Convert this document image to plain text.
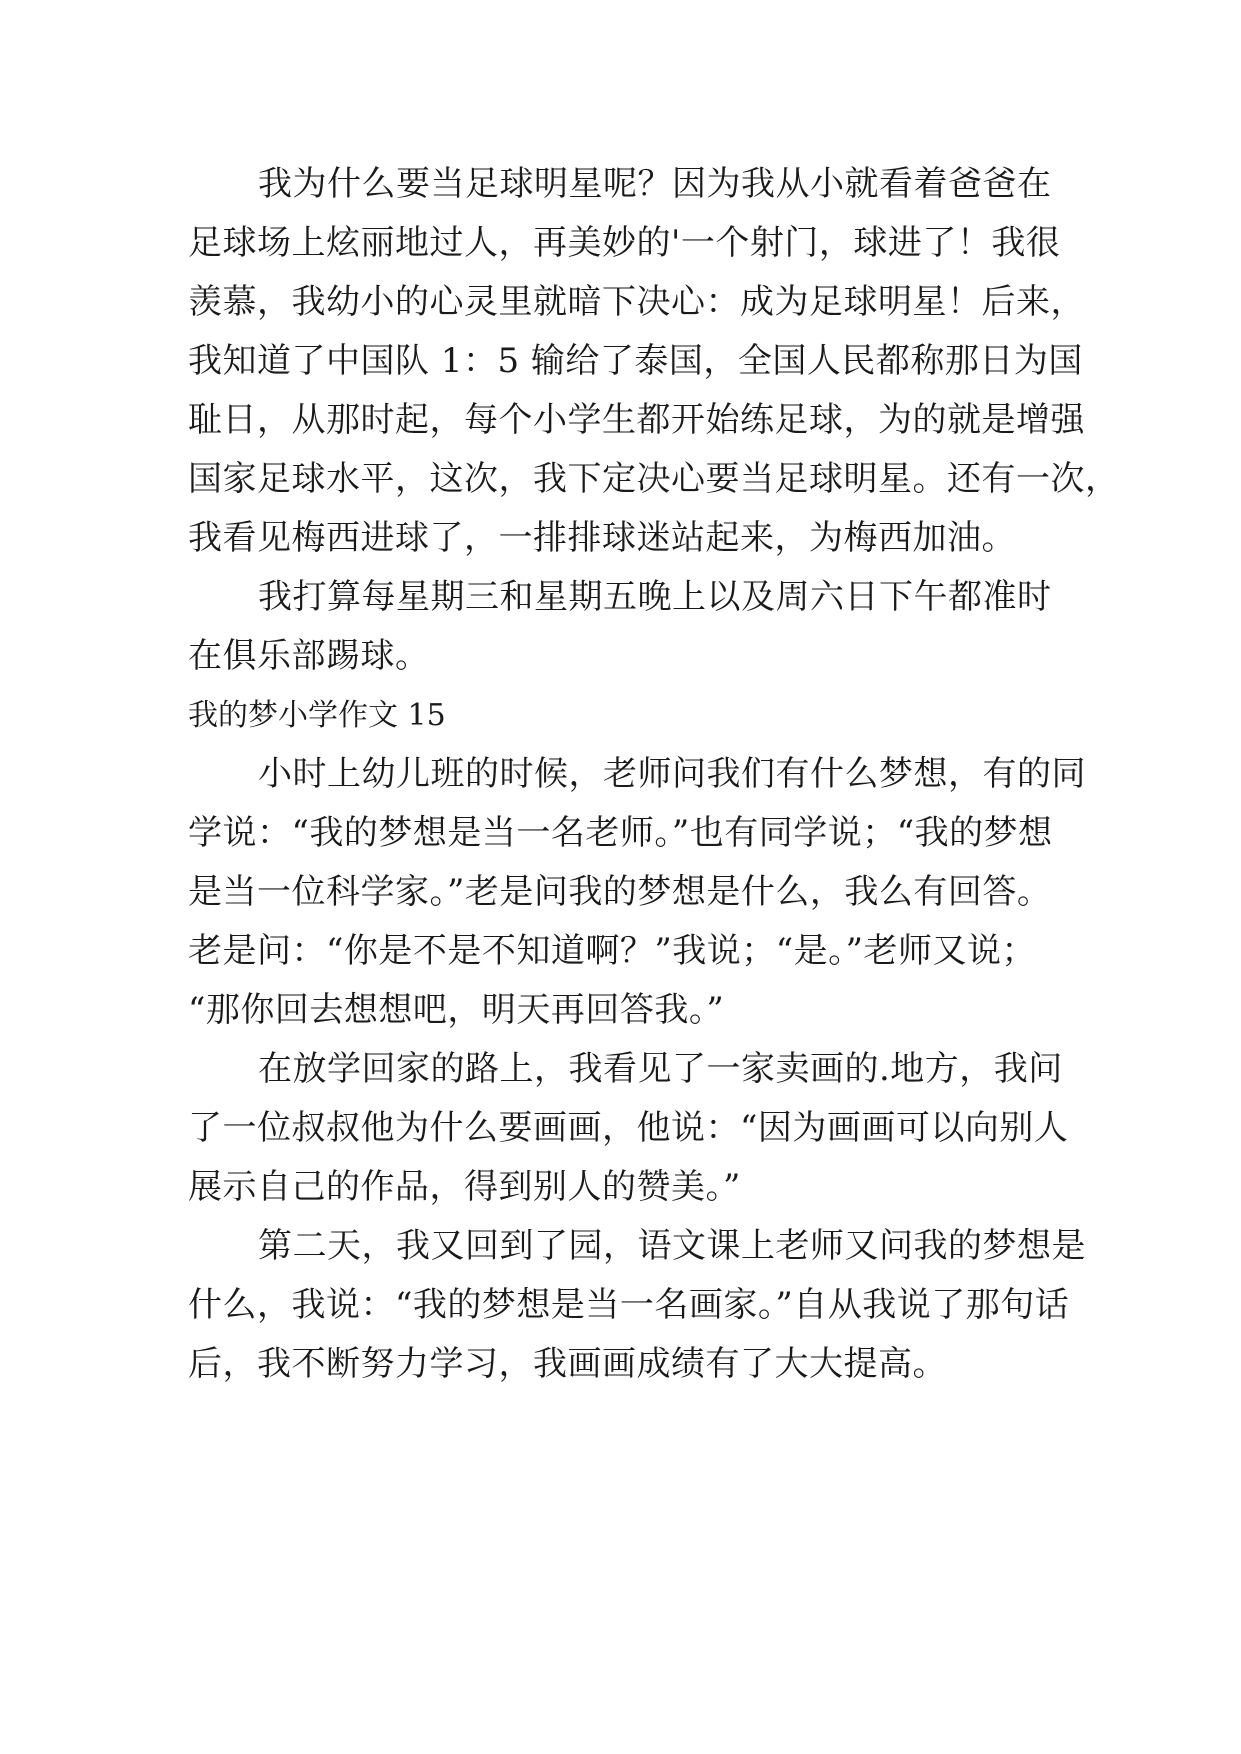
我为什么要当足球明星呢？因为我从小就看着爸爸在
足球场上炫丽地过人，再美妙的'一个射门，球进了！我很
羡慕，我幼小的心灵里就暗下决心：成为足球明星！后来，
我知道了中国队 1：5 输给了泰国，全国人民都称那日为国
耻日，从那时起，每个小学生都开始练足球，为的就是增强
国家足球水平，这次，我下定决心要当足球明星。还有一次，
我看见梅西进球了，一排排球迷站起来，为梅西加油。
我打算每星期三和星期五晚上以及周六日下午都准时
在俱乐部踢球。
我的梦小学作文 15
小时上幼儿班的时候，老师问我们有什么梦想，有的同
学说：“我的梦想是当一名老师。”也有同学说；“我的梦想
是当一位科学家。”老是问我的梦想是什么，我么有回答。
老是问：“你是不是不知道啊？”我说；“是。”老师又说；
“那你回去想想吧，明天再回答我。”
在放学回家的路上，我看见了一家卖画的.地方，我问
了一位叔叔他为什么要画画，他说：“因为画画可以向别人
展示自己的作品，得到别人的赞美。”
第二天，我又回到了园，语文课上老师又问我的梦想是
什么，我说：“我的梦想是当一名画家。”自从我说了那句话
后，我不断努力学习，我画画成绩有了大大提高。
